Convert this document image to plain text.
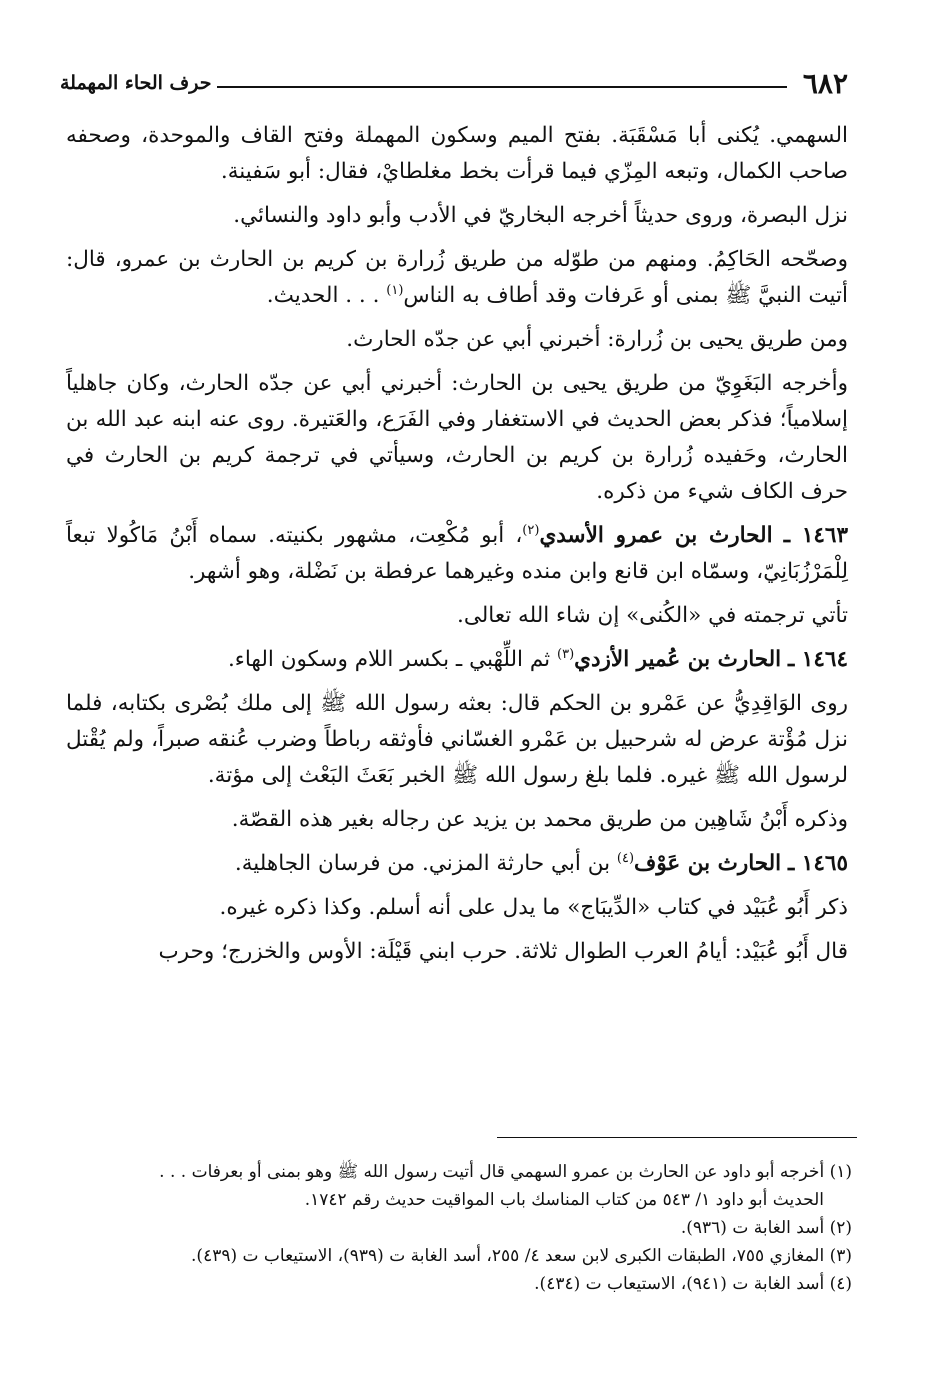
٦٨٢
حرف الحاء المهملة

السهمي. يُكنى أبا مَسْقَبَة. بفتح الميم وسكون المهملة وفتح القاف والموحدة، وصحفه صاحب الكمال، وتبعه المِزّي فيما قرأت بخط مغلطايْ، فقال: أبو سَفينة.

نزل البصرة، وروى حديثاً أخرجه البخاريّ في الأدب وأبو داود والنسائي.

وصحّحه الحَاكِمُ. ومنهم من طوّله من طريق زُرارة بن كريم بن الحارث بن عمرو، قال: أتيت النبيَّ ﷺ بمنى أو عَرفات وقد أطاف به الناس$^{(١)}$ . . . الحديث.

ومن طريق يحيى بن زُرارة: أخبرني أبي عن جدّه الحارث.

وأخرجه البَغَوِيّ من طريق يحيى بن الحارث: أخبرني أبي عن جدّه الحارث، وكان جاهلياً إسلامياً؛ فذكر بعض الحديث في الاستغفار وفي الفَرَع، والعَتيرة. روى عنه ابنه عبد الله بن الحارث، وحَفيده زُرارة بن كريم بن الحارث، وسيأتي في ترجمة كريم بن الحارث في حرف الكاف شيء من ذكره.

١٤٦٣ ـ الحارث بن عمرو الأسدي$^{(٢)}$، أبو مُكْعِت، مشهور بكنيته. سماه أَبْنُ مَاكُولا تبعاً لِلْمَرْزُبَانِيّ، وسمّاه ابن قانع وابن منده وغيرهما عرفطة بن نَضْلة، وهو أشهر.

تأتي ترجمته في «الكُنى» إن شاء الله تعالى.

١٤٦٤ ـ الحارث بن عُمير الأزدي$^{(٣)}$ ثم اللِّهْبي ـ بكسر اللام وسكون الهاء.

روى الوَاقِدِيُّ عن عَمْرو بن الحكم قال: بعثه رسول الله ﷺ إلى ملك بُصْرى بكتابه، فلما نزل مُؤْتة عرض له شرحبيل بن عَمْرو الغسّاني فأوثقه رباطاً وضرب عُنقه صبراً، ولم يُقْتل لرسول الله ﷺ غيره. فلما بلغ رسول الله ﷺ الخبر بَعَثَ البَعْث إلى مؤتة.

وذكره أَبْنُ شَاهِين من طريق محمد بن يزيد عن رجاله بغير هذه القصّة.

١٤٦٥ ـ الحارث بن عَوْف$^{(٤)}$ بن أبي حارثة المزني. من فرسان الجاهلية.

ذكر أَبُو عُبَيْد في كتاب «الدِّيبَاج» ما يدل على أنه أسلم. وكذا ذكره غيره.

قال أَبُو عُبَيْد: أيامُ العرب الطوال ثلاثة. حرب ابني قَيْلَة: الأوس والخزرج؛ وحرب

(١) أخرجه أبو داود عن الحارث بن عمرو السهمي قال أتيت رسول الله ﷺ وهو بمنى أو بعرفات . . .

الحديث أبو داود ١/ ٥٤٣ من كتاب المناسك باب المواقيت حديث رقم ١٧٤٢.

(٢) أسد الغابة ت (٩٣٦).

(٣) المغازي ٧٥٥، الطبقات الكبرى لابن سعد ٤/ ٢٥٥، أسد الغابة ت (٩٣٩)، الاستيعاب ت (٤٣٩).

(٤) أسد الغابة ت (٩٤١)، الاستيعاب ت (٤٣٤).
